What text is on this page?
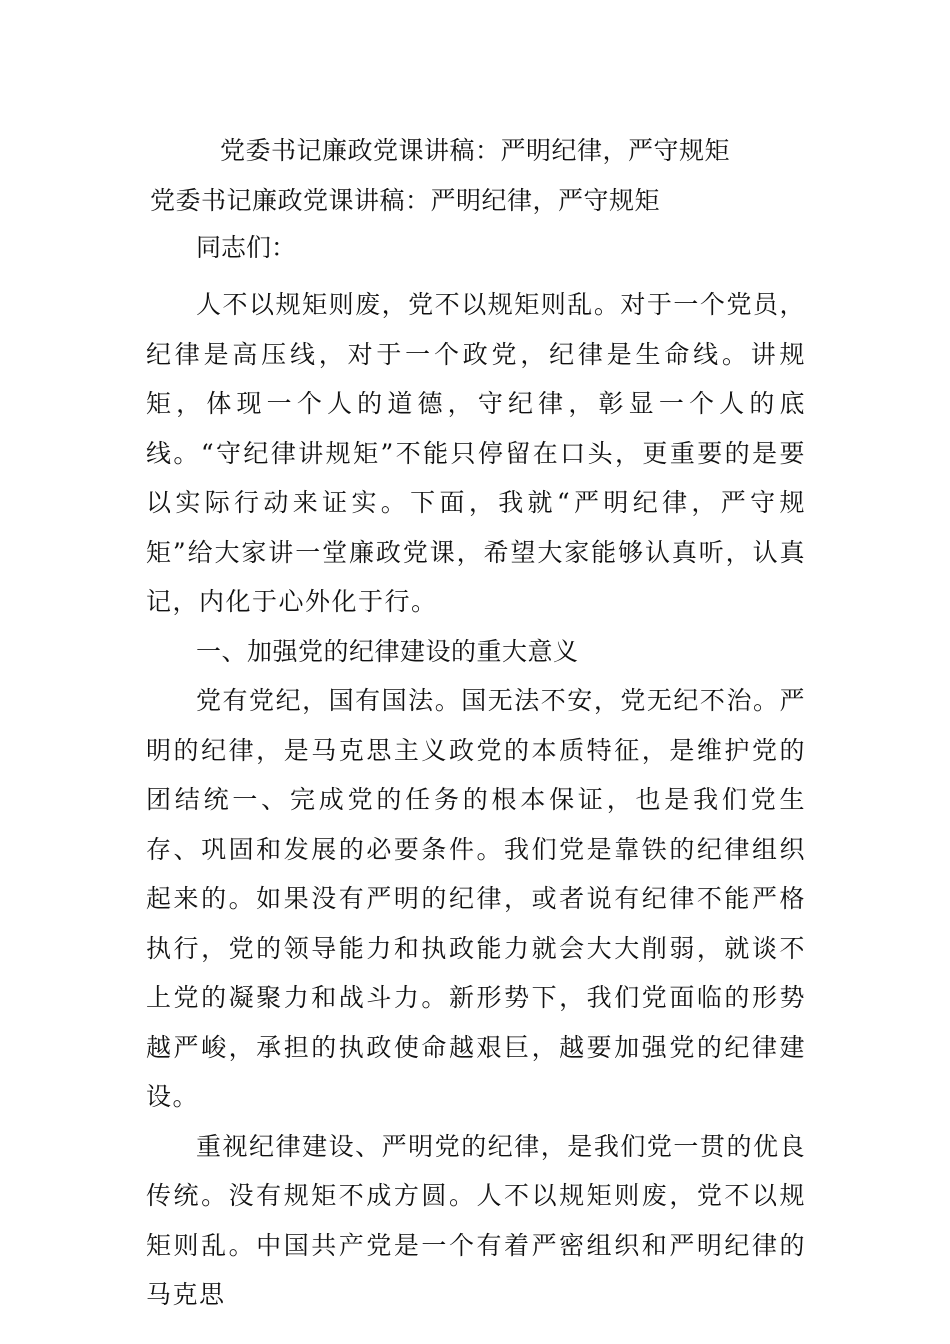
党委书记廉政党课讲稿：严明纪律，严守规矩

党委书记廉政党课讲稿：严明纪律，严守规矩

同志们：

人不以规矩则废，党不以规矩则乱。对于一个党员，纪律是高压线，对于一个政党，纪律是生命线。讲规矩，体现一个人的道德，守纪律，彰显一个人的底线。“守纪律讲规矩”不能只停留在口头，更重要的是要以实际行动来证实。下面，我就“严明纪律，严守规矩”给大家讲一堂廉政党课，希望大家能够认真听，认真记，内化于心外化于行。

一、加强党的纪律建设的重大意义

党有党纪，国有国法。国无法不安，党无纪不治。严明的纪律，是马克思主义政党的本质特征，是维护党的团结统一、完成党的任务的根本保证，也是我们党生存、巩固和发展的必要条件。我们党是靠铁的纪律组织起来的。如果没有严明的纪律，或者说有纪律不能严格执行，党的领导能力和执政能力就会大大削弱，就谈不上党的凝聚力和战斗力。新形势下，我们党面临的形势越严峻，承担的执政使命越艰巨，越要加强党的纪律建设。

重视纪律建设、严明党的纪律，是我们党一贯的优良传统。没有规矩不成方圆。人不以规矩则废，党不以规矩则乱。中国共产党是一个有着严密组织和严明纪律的马克思
